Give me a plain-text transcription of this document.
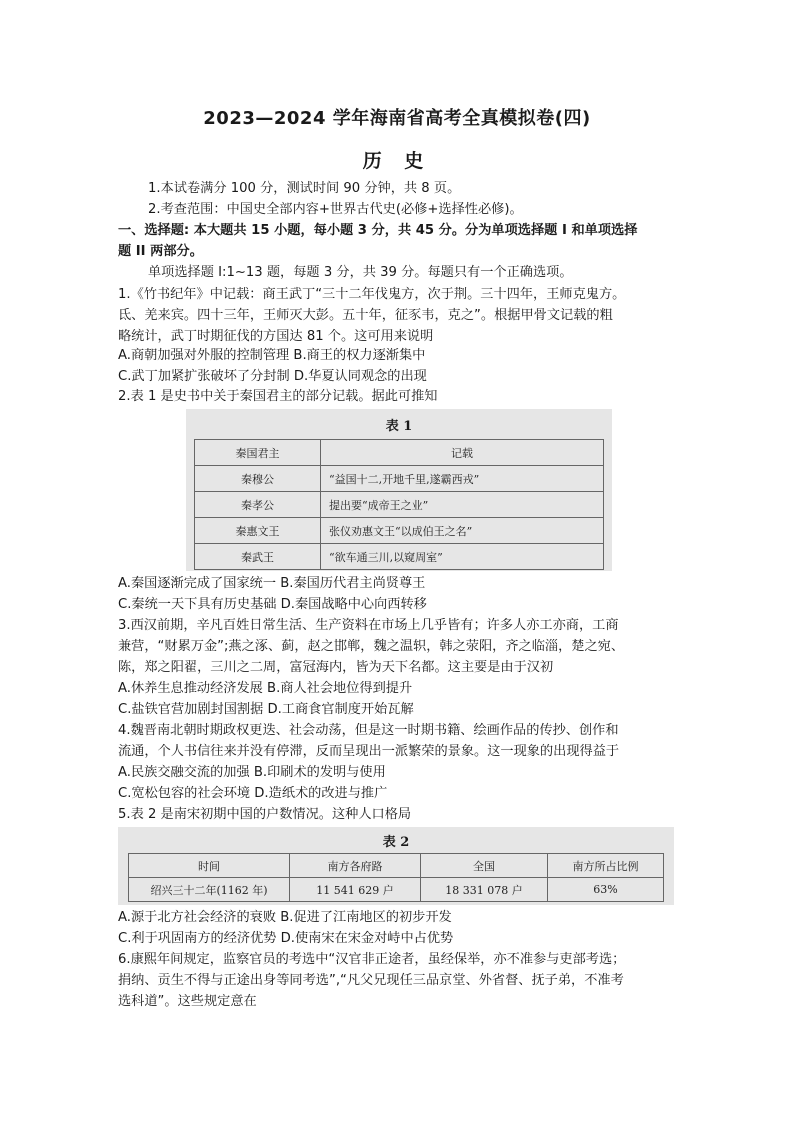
2023—2024 学年海南省高考全真模拟卷(四)
历 史
1.本试卷满分 100 分，测试时间 90 分钟，共 8 页。
2.考查范围：中国史全部内容+世界古代史(必修+选择性必修)。
一、选择题: 本大题共 15 小题，每小题 3 分，共 45 分。分为单项选择题 I 和单项选择
题 II 两部分。
单项选择题 I:1~13 题，每题 3 分，共 39 分。每题只有一个正确选项。
1.《竹书纪年》中记载：商王武丁“三十二年伐鬼方，次于荆。三十四年，王师克鬼方。
氐、羌来宾。四十三年，王师灭大彭。五十年，征豕韦，克之”。根据甲骨文记载的粗
略统计，武丁时期征伐的方国达 81 个。这可用来说明
A.商朝加强对外服的控制管理 B.商王的权力逐渐集中
C.武丁加紧扩张破坏了分封制 D.华夏认同观念的出现
2.表 1 是史书中关于秦国君主的部分记载。据此可推知
表 1
秦国君主	记载
秦穆公	“益国十二,开地千里,遂霸西戎”
秦孝公	提出要“成帝王之业”
秦惠文王	张仪劝惠文王“以成伯王之名”
秦武王	“欲车通三川,以窥周室”
A.秦国逐渐完成了国家统一 B.秦国历代君主尚贤尊王
C.秦统一天下具有历史基础 D.秦国战略中心向西转移
3.西汉前期，辛凡百姓日常生活、生产资料在市场上几乎皆有；许多人亦工亦商，工商
兼营，“财累万金”;燕之涿、蓟，赵之邯郸，魏之温轵，韩之荥阳，齐之临淄，楚之宛、
陈，郑之阳翟，三川之二周，富冠海内，皆为天下名都。这主要是由于汉初
A.休养生息推动经济发展 B.商人社会地位得到提升
C.盐铁官营加剧封国割据 D.工商食官制度开始瓦解
4.魏晋南北朝时期政权更迭、社会动荡，但是这一时期书籍、绘画作品的传抄、创作和
流通，个人书信往来并没有停滞，反而呈现出一派繁荣的景象。这一现象的出现得益于
A.民族交融交流的加强 B.印刷术的发明与使用
C.宽松包容的社会环境 D.造纸术的改进与推广
5.表 2 是南宋初期中国的户数情况。这种人口格局
表 2
时间	南方各府路	全国	南方所占比例
绍兴三十二年(1162 年)	11 541 629 户	18 331 078 户	63%
A.源于北方社会经济的衰败 B.促进了江南地区的初步开发
C.利于巩固南方的经济优势 D.使南宋在宋金对峙中占优势
6.康熙年间规定，监察官员的考选中“汉官非正途者，虽经保举，亦不准参与吏部考选；
捐纳、贡生不得与正途出身等同考选”,“凡父兄现任三品京堂、外省督、抚子弟，不准考
选科道”。这些规定意在
